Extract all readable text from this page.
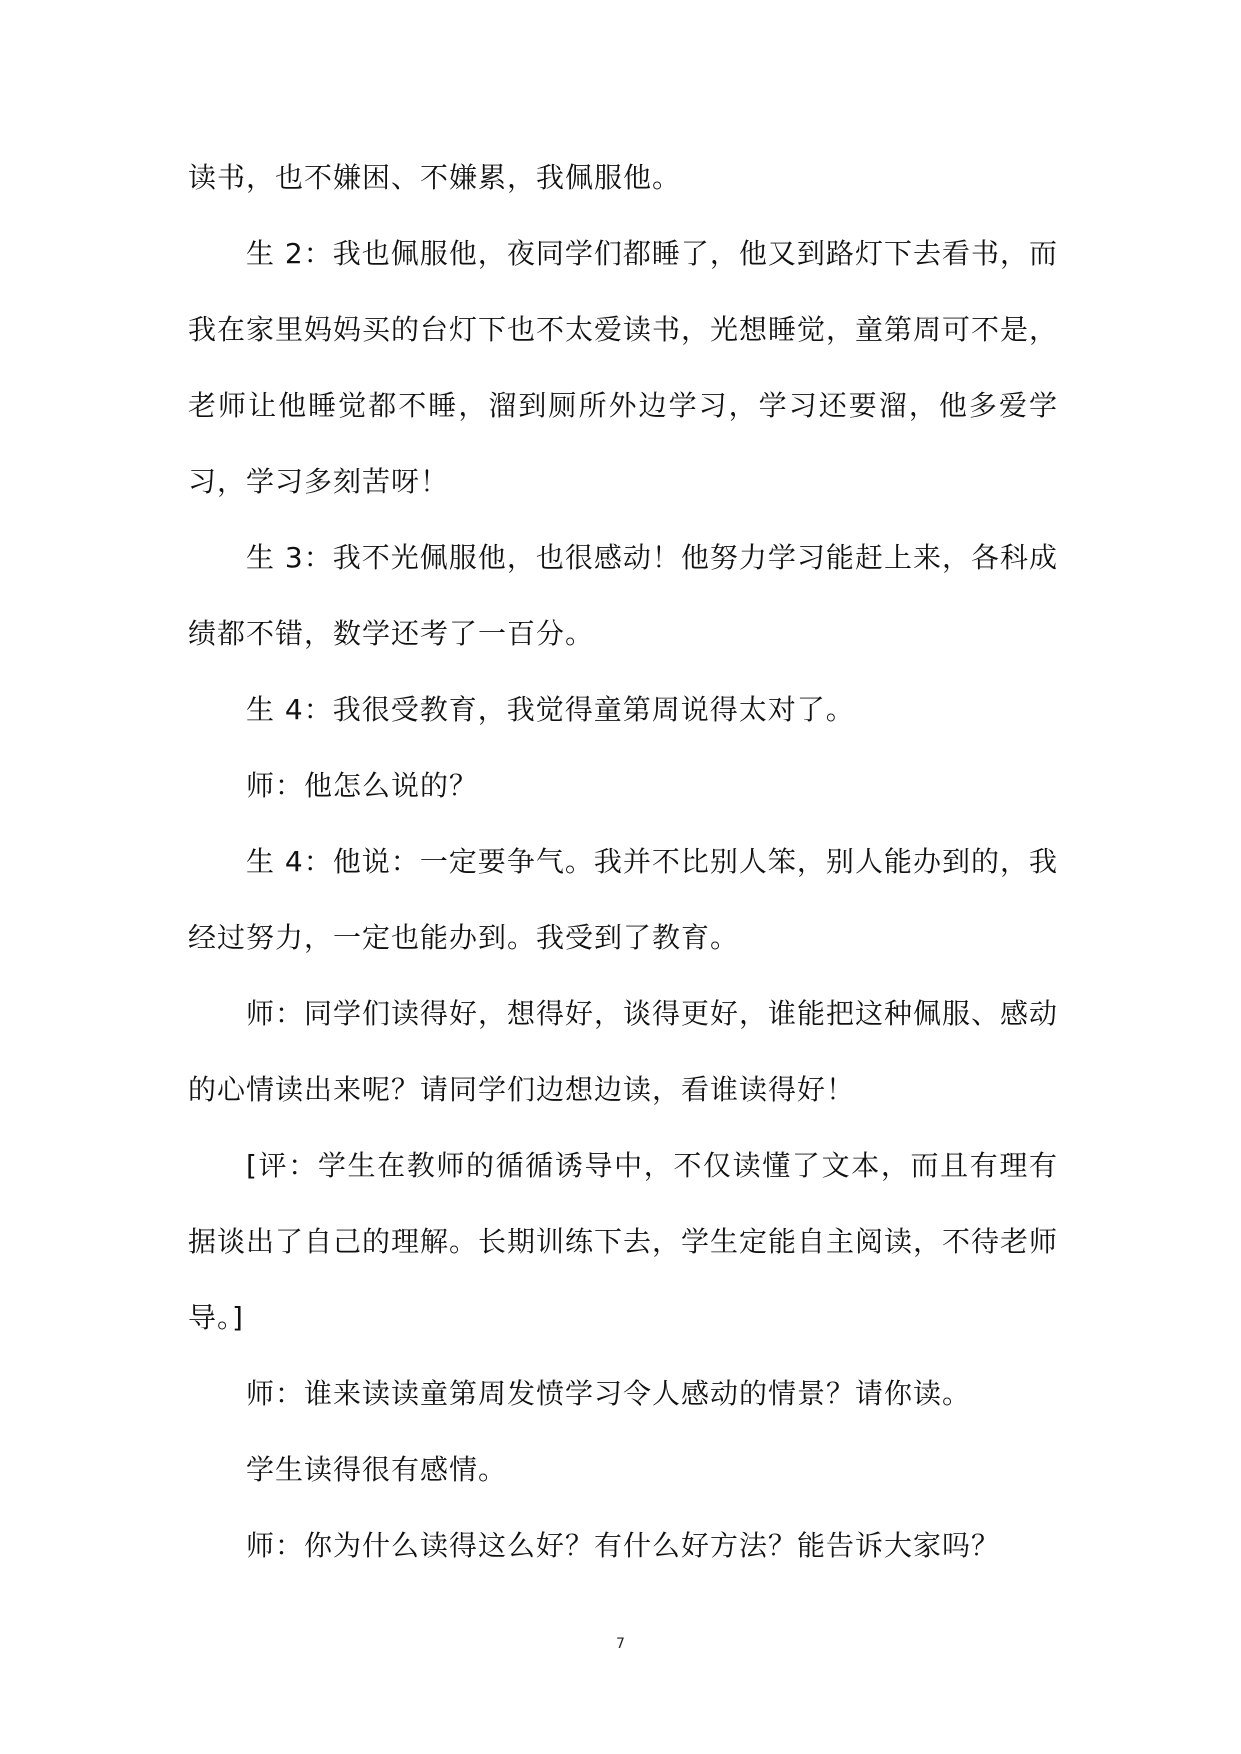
读书，也不嫌困、不嫌累，我佩服他。

生 2：我也佩服他，夜同学们都睡了，他又到路灯下去看书，而我在家里妈妈买的台灯下也不太爱读书，光想睡觉，童第周可不是，老师让他睡觉都不睡，溜到厕所外边学习，学习还要溜，他多爱学习，学习多刻苦呀！

生 3：我不光佩服他，也很感动！他努力学习能赶上来，各科成绩都不错，数学还考了一百分。

生 4：我很受教育，我觉得童第周说得太对了。

师：他怎么说的？

生 4：他说：一定要争气。我并不比别人笨，别人能办到的，我经过努力，一定也能办到。我受到了教育。

师：同学们读得好，想得好，谈得更好，谁能把这种佩服、感动的心情读出来呢？请同学们边想边读，看谁读得好！

[评：学生在教师的循循诱导中，不仅读懂了文本，而且有理有据谈出了自己的理解。长期训练下去，学生定能自主阅读，不待老师导。]

师：谁来读读童第周发愤学习令人感动的情景？请你读。

学生读得很有感情。

师：你为什么读得这么好？有什么好方法？能告诉大家吗？

7
